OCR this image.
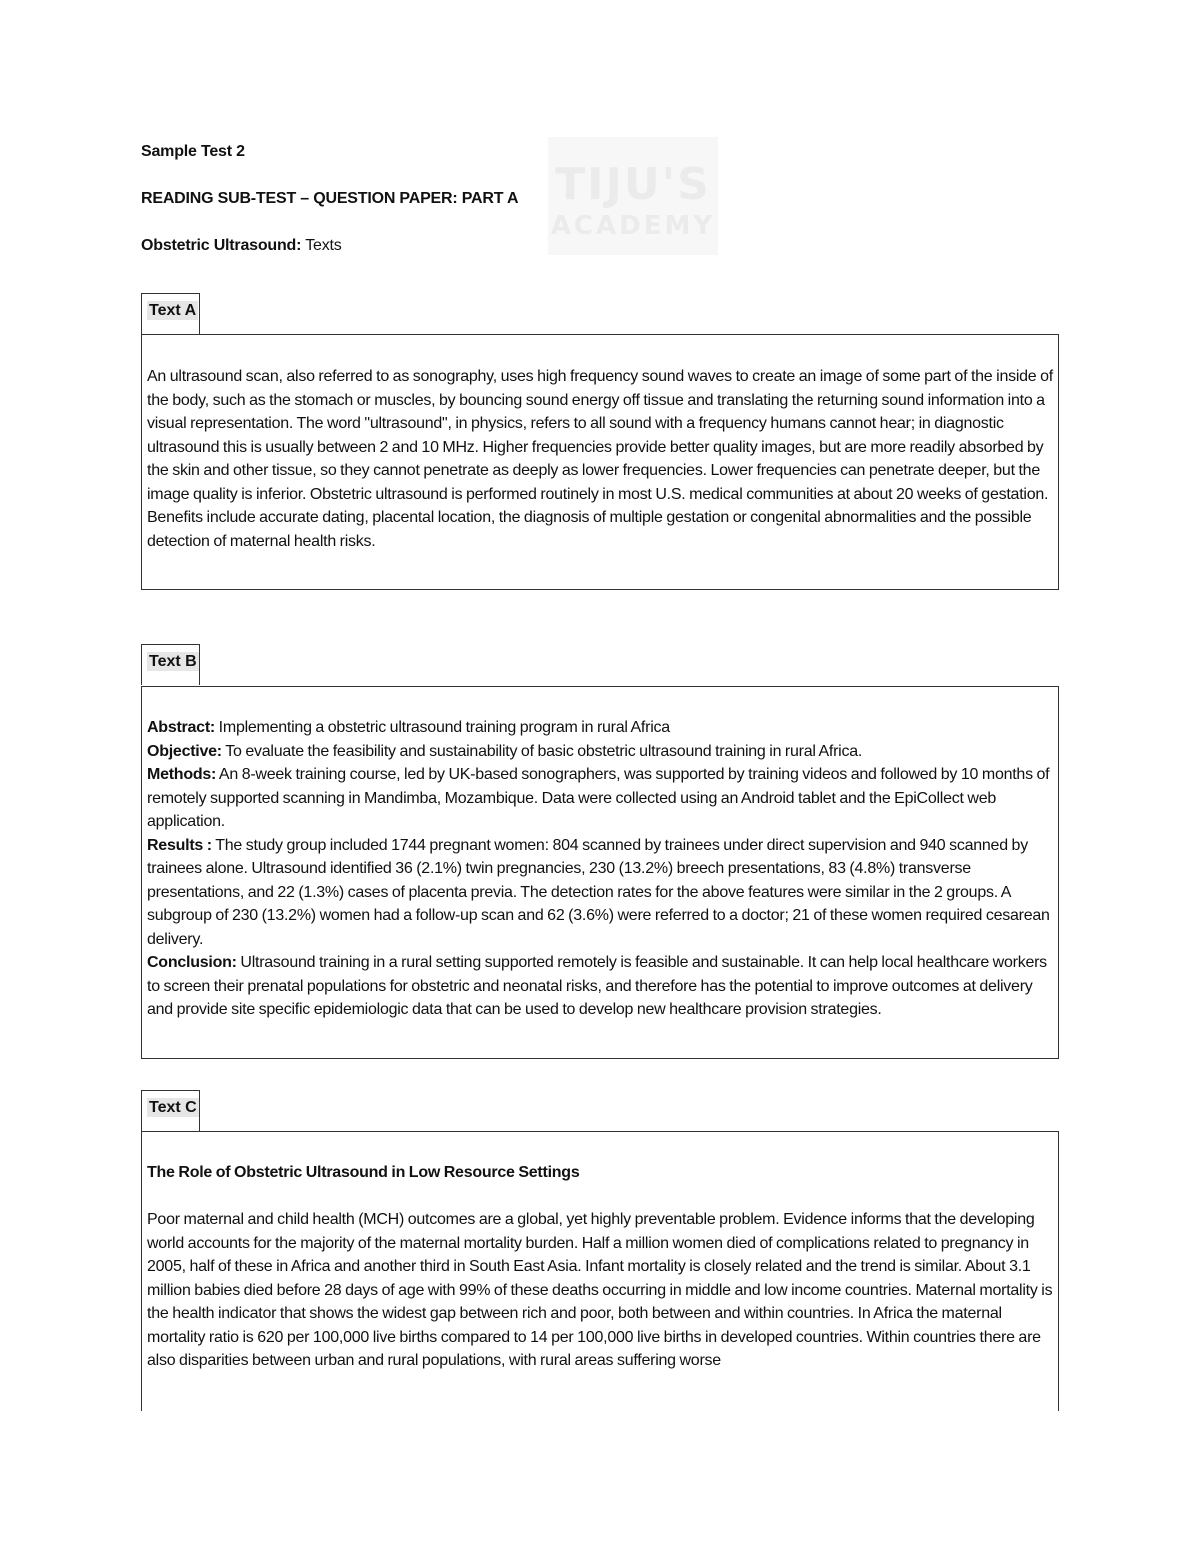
TIJU'S
ACADEMY
Sample Test 2
READING SUB-TEST – QUESTION PAPER: PART A
Obstetric Ultrasound: Texts
Text A

An ultrasound scan, also referred to as sonography, uses high frequency sound waves to create an image of some part of the inside of the body, such as the stomach or muscles, by bouncing sound energy off tissue and translating the returning sound information into a visual representation. The word "ultrasound", in physics, refers to all sound with a frequency humans cannot hear; in diagnostic ultrasound this is usually between 2 and 10 MHz. Higher frequencies provide better quality images, but are more readily absorbed by the skin and other tissue, so they cannot penetrate as deeply as lower frequencies. Lower frequencies can penetrate deeper, but the image quality is inferior. Obstetric ultrasound is performed routinely in most U.S. medical communities at about 20 weeks of gestation. Benefits include accurate dating, placental location, the diagnosis of multiple gestation or congenital abnormalities and the possible detection of maternal health risks.

Text B

Abstract: Implementing a obstetric ultrasound training program in rural Africa

Objective: To evaluate the feasibility and sustainability of basic obstetric ultrasound training in rural Africa.

Methods: An 8-week training course, led by UK-based sonographers, was supported by training videos and followed by 10 months of remotely supported scanning in Mandimba, Mozambique. Data were collected using an Android tablet and the EpiCollect web application.

Results : The study group included 1744 pregnant women: 804 scanned by trainees under direct supervision and 940 scanned by trainees alone. Ultrasound identified 36 (2.1%) twin pregnancies, 230 (13.2%) breech presentations, 83 (4.8%) transverse presentations, and 22 (1.3%) cases of placenta previa. The detection rates for the above features were similar in the 2 groups. A subgroup of 230 (13.2%) women had a follow-up scan and 62 (3.6%) were referred to a doctor; 21 of these women required cesarean delivery.

Conclusion: Ultrasound training in a rural setting supported remotely is feasible and sustainable. It can help local healthcare workers to screen their prenatal populations for obstetric and neonatal risks, and therefore has the potential to improve outcomes at delivery and provide site specific epidemiologic data that can be used to develop new healthcare provision strategies.

Text C

The Role of Obstetric Ultrasound in Low Resource Settings

Poor maternal and child health (MCH) outcomes are a global, yet highly preventable problem. Evidence informs that the developing world accounts for the majority of the maternal mortality burden. Half a million women died of complications related to pregnancy in 2005, half of these in Africa and another third in South East Asia. Infant mortality is closely related and the trend is similar. About 3.1 million babies died before 28 days of age with 99% of these deaths occurring in middle and low income countries. Maternal mortality is the health indicator that shows the widest gap between rich and poor, both between and within countries. In Africa the maternal mortality ratio is 620 per 100,000 live births compared to 14 per 100,000 live births in developed countries. Within countries there are also disparities between urban and rural populations, with rural areas suffering worse
